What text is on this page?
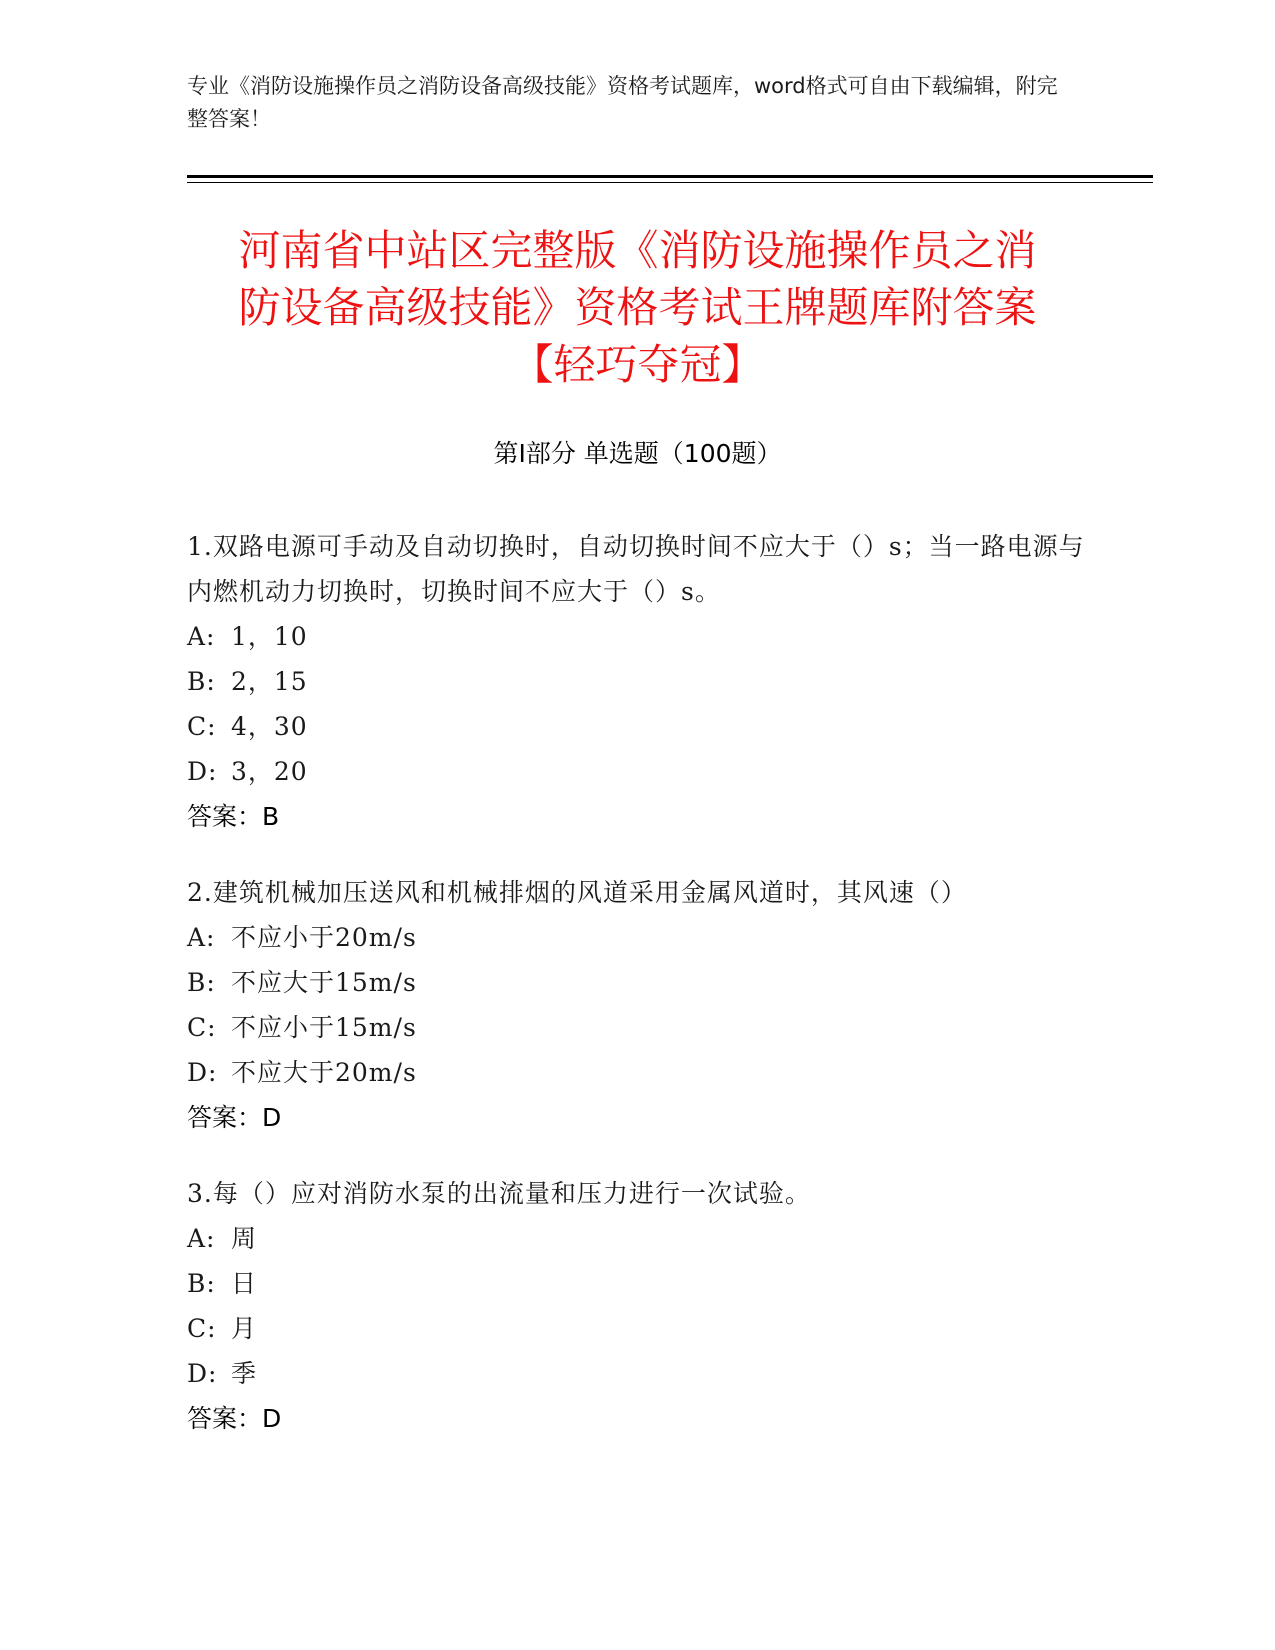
专业《消防设施操作员之消防设备高级技能》资格考试题库，word格式可自由下载编辑，附完整答案！
河南省中站区完整版《消防设施操作员之消
防设备高级技能》资格考试王牌题库附答案
【轻巧夺冠】
第Ⅰ部分 单选题（100题）

1.双路电源可手动及自动切换时，自动切换时间不应大于（）s；当一路电源与内燃机动力切换时，切换时间不应大于（）s。

A: 1，10

B: 2，15

C: 4，30

D: 3，20

答案：B

2.建筑机械加压送风和机械排烟的风道采用金属风道时，其风速（）

A: 不应小于20m/s

B: 不应大于15m/s

C: 不应小于15m/s

D: 不应大于20m/s

答案：D

3.每（）应对消防水泵的出流量和压力进行一次试验。

A: 周

B: 日

C: 月

D: 季

答案：D
